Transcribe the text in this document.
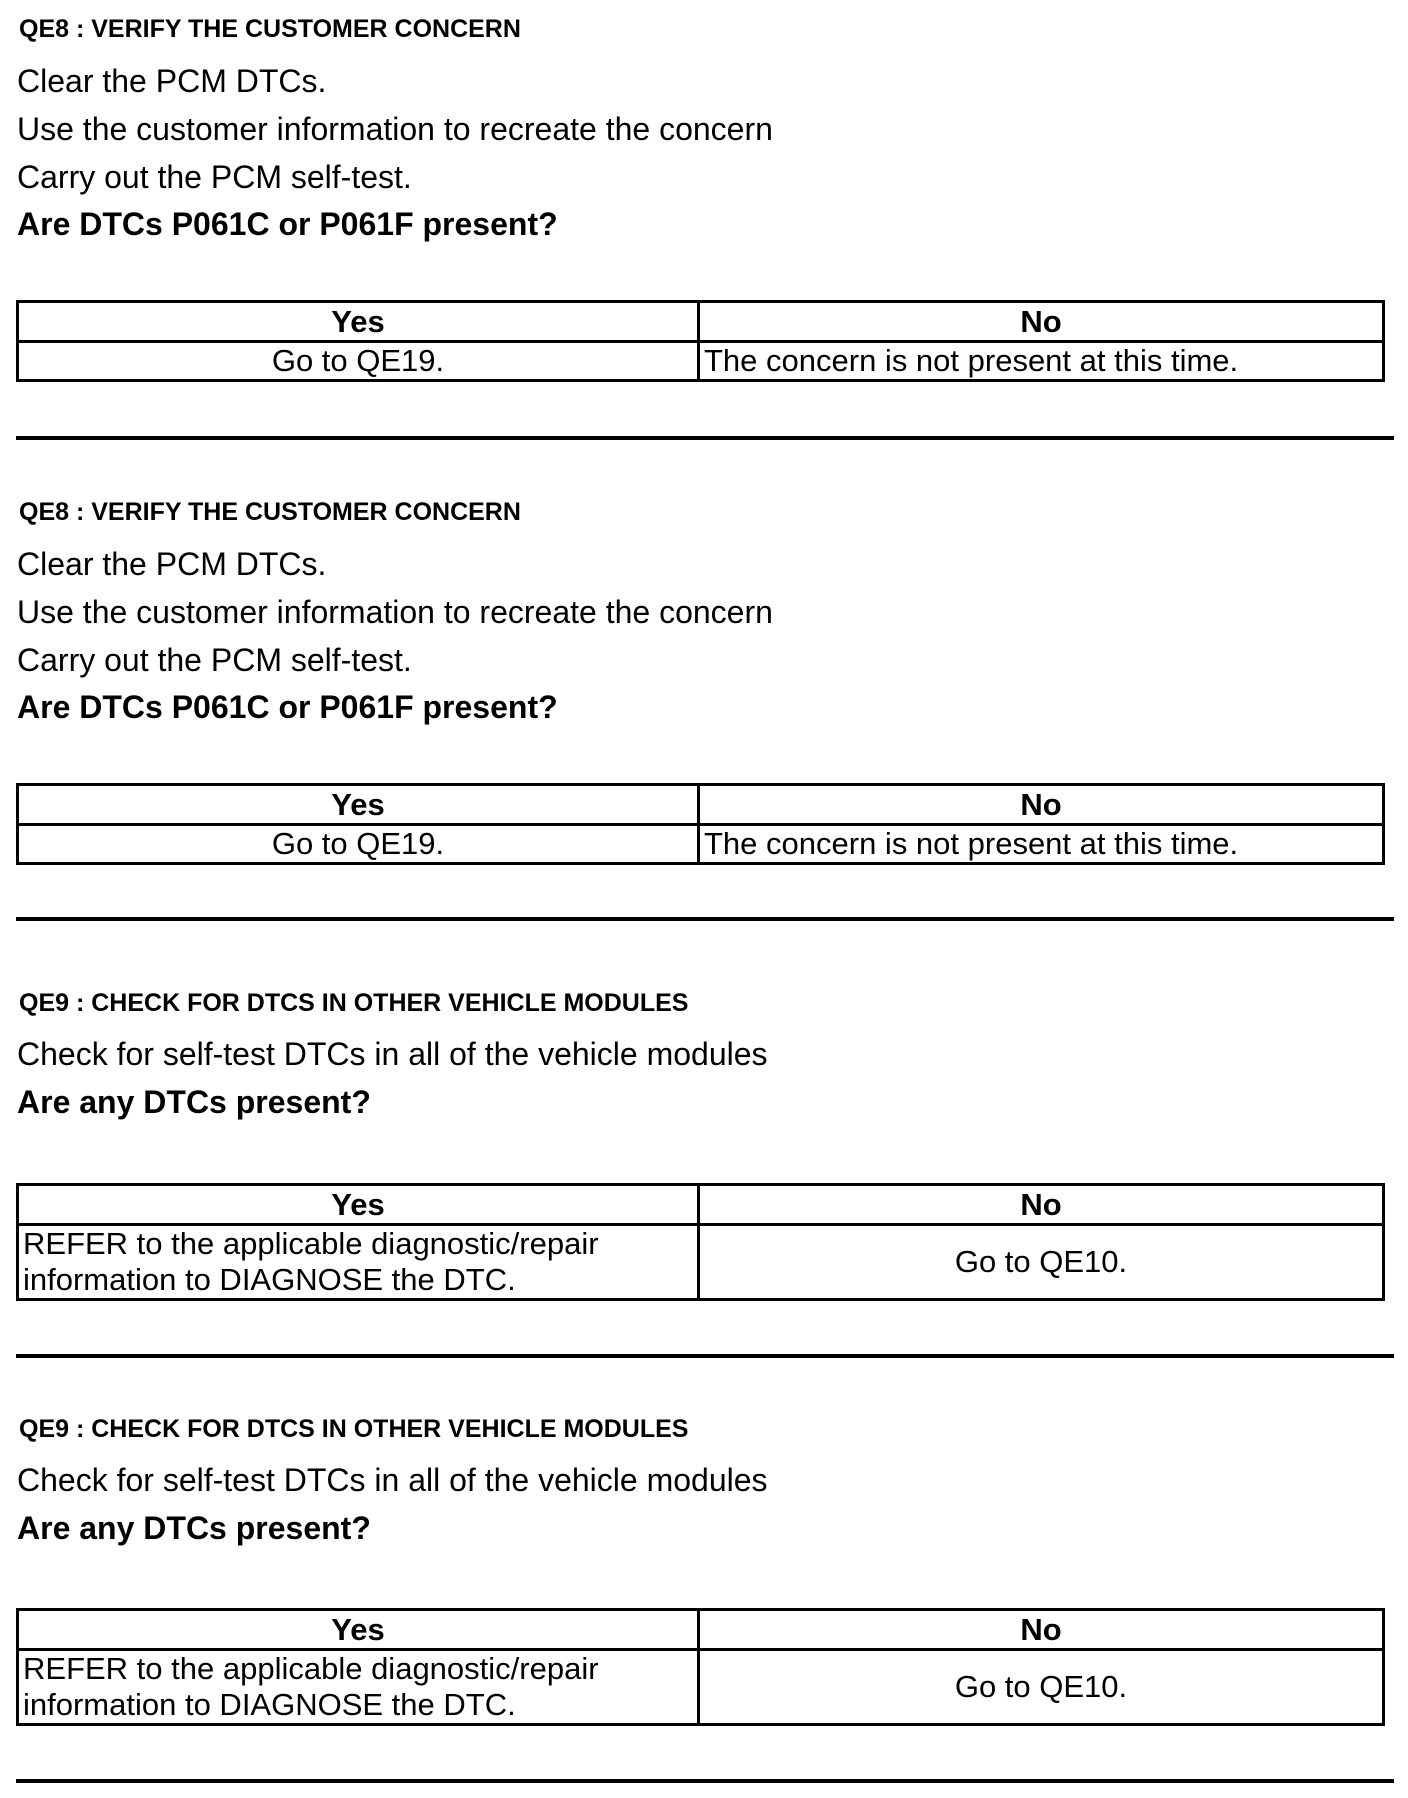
QE8 : VERIFY THE CUSTOMER CONCERN
Clear the PCM DTCs.
Use the customer information to recreate the concern
Carry out the PCM self-test.
Are DTCs P061C or P061F present?
Yes	No
Go to QE19.	The concern is not present at this time.
QE8 : VERIFY THE CUSTOMER CONCERN
Clear the PCM DTCs.
Use the customer information to recreate the concern
Carry out the PCM self-test.
Are DTCs P061C or P061F present?
Yes	No
Go to QE19.	The concern is not present at this time.
QE9 : CHECK FOR DTCS IN OTHER VEHICLE MODULES
Check for self-test DTCs in all of the vehicle modules
Are any DTCs present?
Yes	No
REFER to the applicable diagnostic/repair information to DIAGNOSE the DTC.	Go to QE10.
QE9 : CHECK FOR DTCS IN OTHER VEHICLE MODULES
Check for self-test DTCs in all of the vehicle modules
Are any DTCs present?
Yes	No
REFER to the applicable diagnostic/repair information to DIAGNOSE the DTC.	Go to QE10.
